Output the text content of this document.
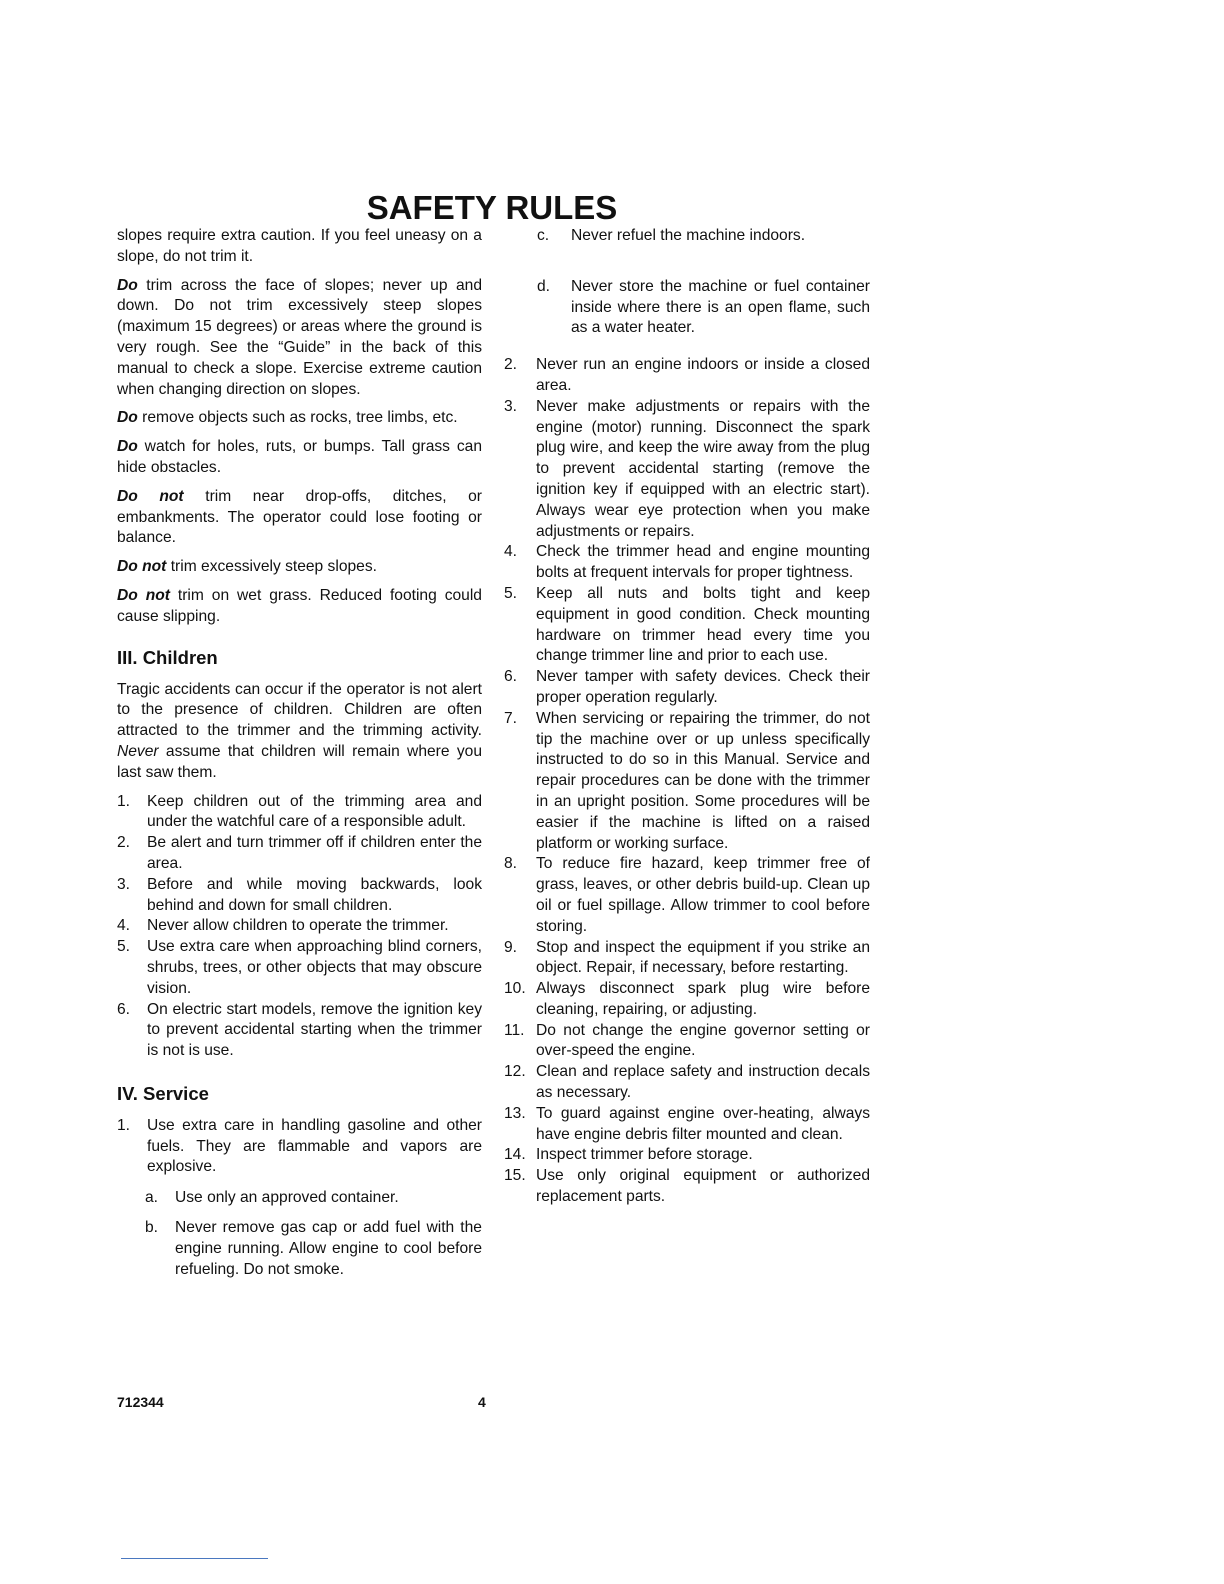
SAFETY RULES

slopes require extra caution. If you feel uneasy on a slope, do not trim it.

Do trim across the face of slopes; never up and down. Do not trim excessively steep slopes (maximum 15 degrees) or areas where the ground is very rough. See the “Guide” in the back of this manual to check a slope. Exercise extreme caution when changing direction on slopes.

Do remove objects such as rocks, tree limbs, etc.

Do watch for holes, ruts, or bumps. Tall grass can hide obstacles.

Do not trim near drop-offs, ditches, or embankments. The operator could lose footing or balance.

Do not trim excessively steep slopes.

Do not trim on wet grass. Reduced footing could cause slipping.

III. Children

Tragic accidents can occur if the operator is not alert to the presence of children. Children are often attracted to the trimmer and the trimming activity. Never assume that children will remain where you last saw them.

1. Keep children out of the trimming area and under the watchful care of a responsible adult.
2. Be alert and turn trimmer off if children enter the area.
3. Before and while moving backwards, look behind and down for small children.
4. Never allow children to operate the trimmer.
5. Use extra care when approaching blind corners, shrubs, trees, or other objects that may obscure vision.
6. On electric start models, remove the ignition key to prevent accidental starting when the trimmer is not is use.
IV. Service
1. Use extra care in handling gasoline and other fuels. They are flammable and vapors are explosive.
a. Use only an approved container.
b. Never remove gas cap or add fuel with the engine running. Allow engine to cool before refueling. Do not smoke.
c. Never refuel the machine indoors.
d. Never store the machine or fuel container inside where there is an open flame, such as a water heater.
2. Never run an engine indoors or inside a closed area.
3. Never make adjustments or repairs with the engine (motor) running. Disconnect the spark plug wire, and keep the wire away from the plug to prevent accidental starting (remove the ignition key if equipped with an electric start). Always wear eye protection when you make adjustments or repairs.
4. Check the trimmer head and engine mounting bolts at frequent intervals for proper tightness.
5. Keep all nuts and bolts tight and keep equipment in good condition. Check mounting hardware on trimmer head every time you change trimmer line and prior to each use.
6. Never tamper with safety devices. Check their proper operation regularly.
7. When servicing or repairing the trimmer, do not tip the machine over or up unless specifically instructed to do so in this Manual. Service and repair procedures can be done with the trimmer in an upright position. Some procedures will be easier if the machine is lifted on a raised platform or working surface.
8. To reduce fire hazard, keep trimmer free of grass, leaves, or other debris build-up. Clean up oil or fuel spillage. Allow trimmer to cool before storing.
9. Stop and inspect the equipment if you strike an object. Repair, if necessary, before restarting.
10. Always disconnect spark plug wire before cleaning, repairing, or adjusting.
11. Do not change the engine governor setting or over-speed the engine.
12. Clean and replace safety and instruction decals as necessary.
13. To guard against engine over-heating, always have engine debris filter mounted and clean.
14. Inspect trimmer before storage.
15. Use only original equipment or authorized replacement parts.
712344	4
